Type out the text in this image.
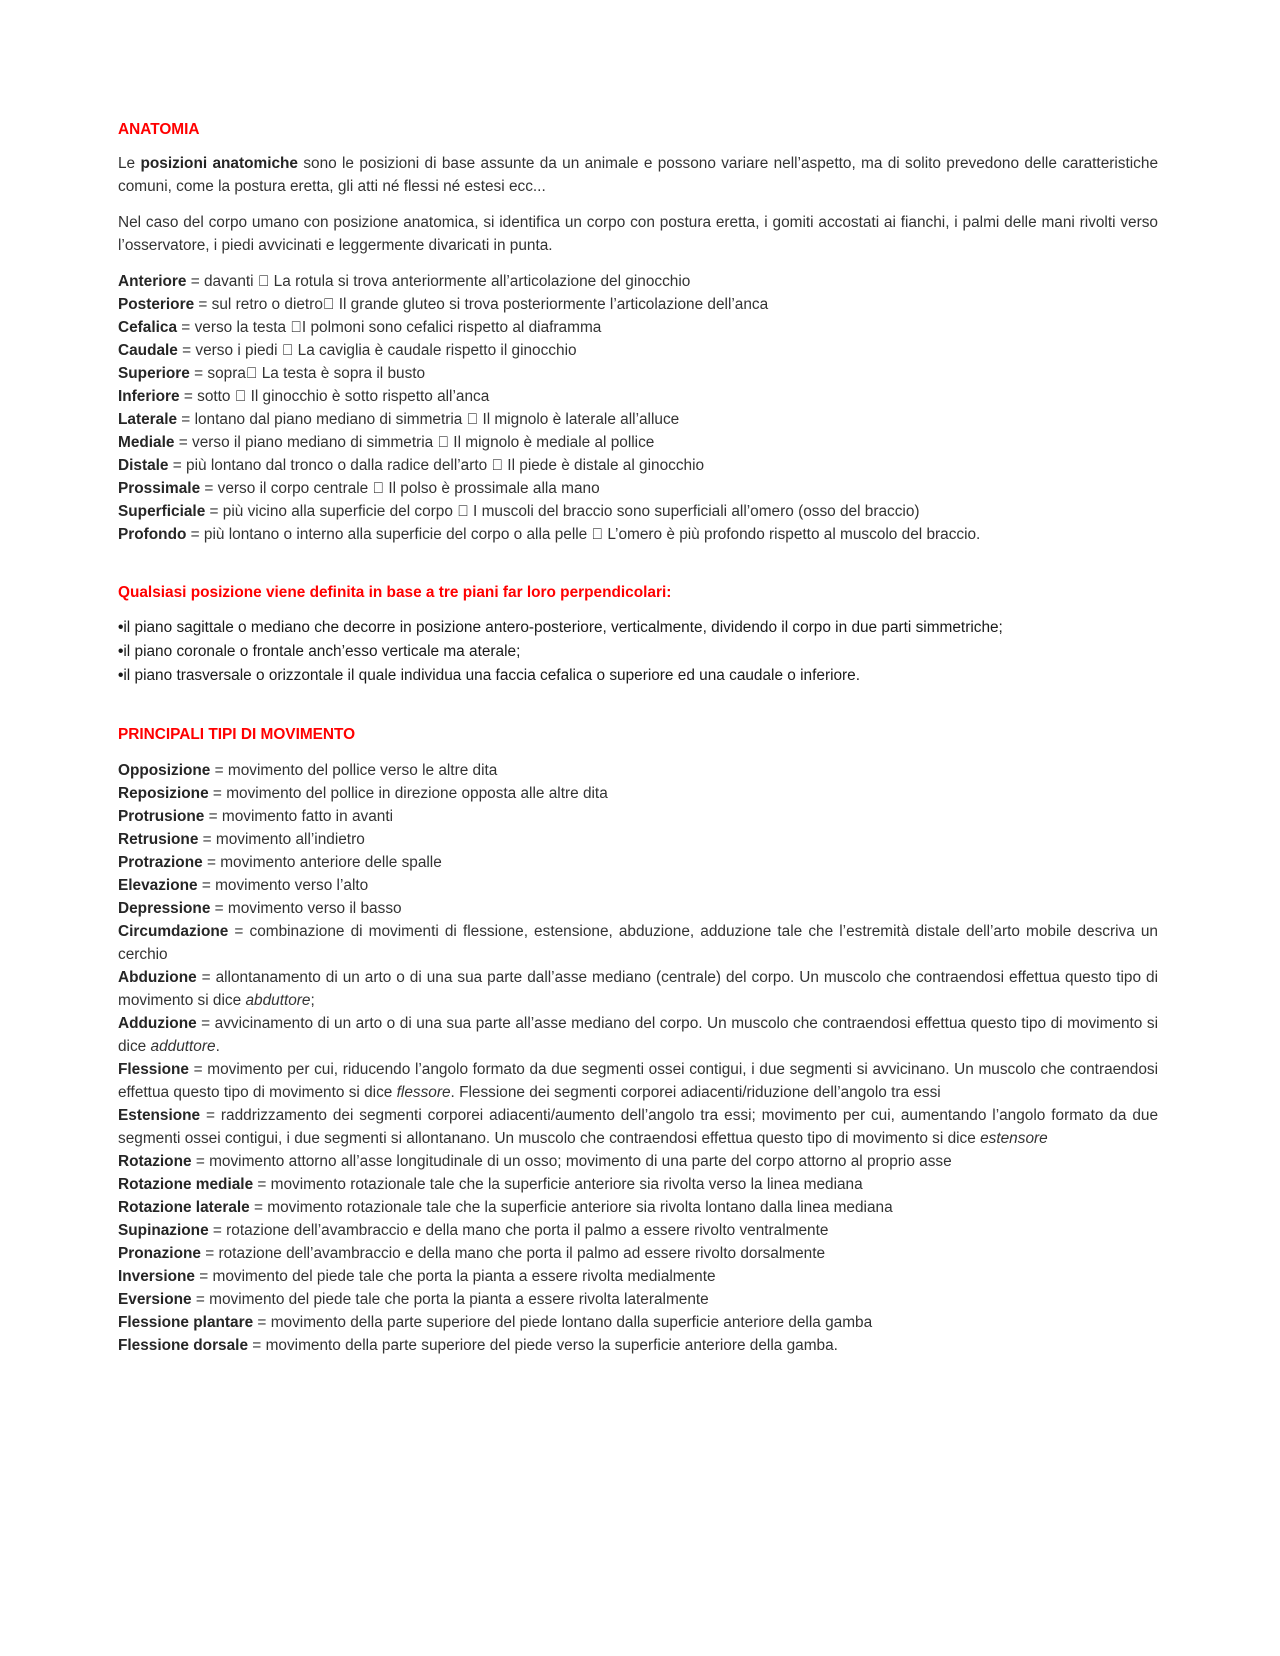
ANATOMIA

Le posizioni anatomiche sono le posizioni di base assunte da un animale e possono variare nell’aspetto, ma di solito prevedono delle caratteristiche comuni, come la postura eretta, gli atti né flessi né estesi ecc...

Nel caso del corpo umano con posizione anatomica, si identifica un corpo con postura eretta, i gomiti accostati ai fianchi, i palmi delle mani rivolti verso l’osservatore, i piedi avvicinati e leggermente divaricati in punta.

Anteriore = davanti La rotula si trova anteriormente all’articolazione del ginocchio
Posteriore = sul retro o dietro Il grande gluteo si trova posteriormente l’articolazione dell’anca
Cefalica = verso la testa I polmoni sono cefalici rispetto al diaframma
Caudale = verso i piedi La caviglia è caudale rispetto il ginocchio
Superiore = sopra La testa è sopra il busto
Inferiore = sotto Il ginocchio è sotto rispetto all’anca
Laterale = lontano dal piano mediano di simmetria Il mignolo è laterale all’alluce
Mediale = verso il piano mediano di simmetria Il mignolo è mediale al pollice
Distale = più lontano dal tronco o dalla radice dell’arto Il piede è distale al ginocchio
Prossimale = verso il corpo centrale Il polso è prossimale alla mano
Superficiale = più vicino alla superficie del corpo I muscoli del braccio sono superficiali all’omero (osso del braccio)
Profondo = più lontano o interno alla superficie del corpo o alla pelle L’omero è più profondo rispetto al muscolo del braccio.
Qualsiasi posizione viene definita in base a tre piani far loro perpendicolari:
•il piano sagittale o mediano che decorre in posizione antero-posteriore, verticalmente, dividendo il corpo in due parti simmetriche;
•il piano coronale o frontale anch’esso verticale ma aterale;
•il piano trasversale o orizzontale il quale individua una faccia cefalica o superiore ed una caudale o inferiore.
PRINCIPALI TIPI DI MOVIMENTO
Opposizione = movimento del pollice verso le altre dita
Reposizione = movimento del pollice in direzione opposta alle altre dita
Protrusione = movimento fatto in avanti
Retrusione = movimento all’indietro
Protrazione = movimento anteriore delle spalle
Elevazione = movimento verso l’alto
Depressione = movimento verso il basso
Circumdazione = combinazione di movimenti di flessione, estensione, abduzione, adduzione tale che l’estremità distale dell’arto mobile descriva un cerchio
Abduzione = allontanamento di un arto o di una sua parte dall’asse mediano (centrale) del corpo. Un muscolo che contraendosi effettua questo tipo di movimento si dice abduttore;
Adduzione = avvicinamento di un arto o di una sua parte all’asse mediano del corpo. Un muscolo che contraendosi effettua questo tipo di movimento si dice adduttore.
Flessione = movimento per cui, riducendo l’angolo formato da due segmenti ossei contigui, i due segmenti si avvicinano. Un muscolo che contraendosi effettua questo tipo di movimento si dice flessore. Flessione dei segmenti corporei adiacenti/riduzione dell’angolo tra essi
Estensione = raddrizzamento dei segmenti corporei adiacenti/aumento dell’angolo tra essi; movimento per cui, aumentando l’angolo formato da due segmenti ossei contigui, i due segmenti si allontanano. Un muscolo che contraendosi effettua questo tipo di movimento si dice estensore
Rotazione = movimento attorno all’asse longitudinale di un osso; movimento di una parte del corpo attorno al proprio asse
Rotazione mediale = movimento rotazionale tale che la superficie anteriore sia rivolta verso la linea mediana
Rotazione laterale = movimento rotazionale tale che la superficie anteriore sia rivolta lontano dalla linea mediana
Supinazione = rotazione dell’avambraccio e della mano che porta il palmo a essere rivolto ventralmente
Pronazione = rotazione dell’avambraccio e della mano che porta il palmo ad essere rivolto dorsalmente
Inversione = movimento del piede tale che porta la pianta a essere rivolta medialmente
Eversione = movimento del piede tale che porta la pianta a essere rivolta lateralmente
Flessione plantare = movimento della parte superiore del piede lontano dalla superficie anteriore della gamba
Flessione dorsale = movimento della parte superiore del piede verso la superficie anteriore della gamba.
